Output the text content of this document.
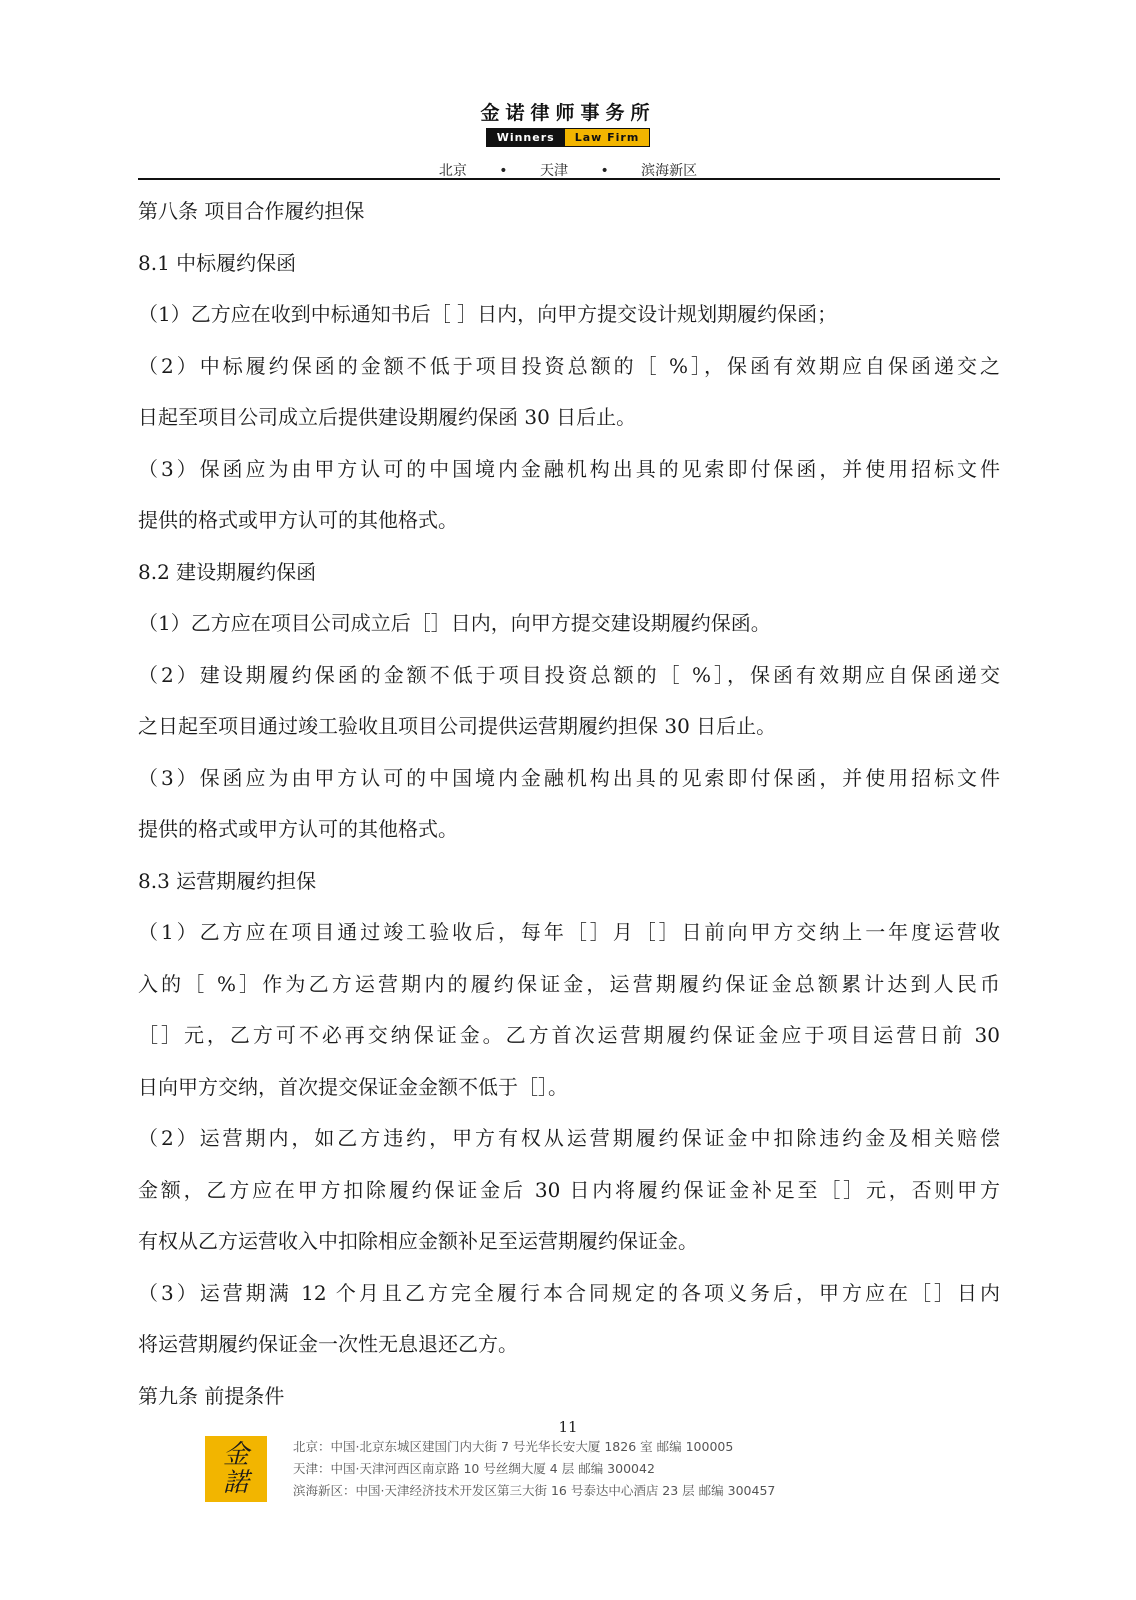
金诺律师事务所
Winners	Law Firm
北京 • 天津 • 滨海新区
第八条 项目合作履约担保
8.1 中标履约保函
（1）乙方应在收到中标通知书后［ ］日内，向甲方提交设计规划期履约保函；
（2）中标履约保函的金额不低于项目投资总额的［ %］，保函有效期应自保函递交之
日起至项目公司成立后提供建设期履约保函 30 日后止。
（3）保函应为由甲方认可的中国境内金融机构出具的见索即付保函，并使用招标文件
提供的格式或甲方认可的其他格式。
8.2 建设期履约保函
（1）乙方应在项目公司成立后［］日内，向甲方提交建设期履约保函。
（2）建设期履约保函的金额不低于项目投资总额的［ %］，保函有效期应自保函递交
之日起至项目通过竣工验收且项目公司提供运营期履约担保 30 日后止。
（3）保函应为由甲方认可的中国境内金融机构出具的见索即付保函，并使用招标文件
提供的格式或甲方认可的其他格式。
8.3 运营期履约担保
（1）乙方应在项目通过竣工验收后，每年［］月［］日前向甲方交纳上一年度运营收
入的［ %］作为乙方运营期内的履约保证金，运营期履约保证金总额累计达到人民币
［］元，乙方可不必再交纳保证金。乙方首次运营期履约保证金应于项目运营日前 30
日向甲方交纳，首次提交保证金金额不低于［］。
（2）运营期内，如乙方违约，甲方有权从运营期履约保证金中扣除违约金及相关赔偿
金额，乙方应在甲方扣除履约保证金后 30 日内将履约保证金补足至［］元，否则甲方
有权从乙方运营收入中扣除相应金额补足至运营期履约保证金。
（3）运营期满 12 个月且乙方完全履行本合同规定的各项义务后，甲方应在［］日内
将运营期履约保证金一次性无息退还乙方。
第九条 前提条件
11
金
諾
北京：中国·北京东城区建国门内大街 7 号光华长安大厦 1826 室 邮编 100005
天津：中国·天津河西区南京路 10 号丝绸大厦 4 层 邮编 300042
滨海新区：中国·天津经济技术开发区第三大街 16 号泰达中心酒店 23 层 邮编 300457
